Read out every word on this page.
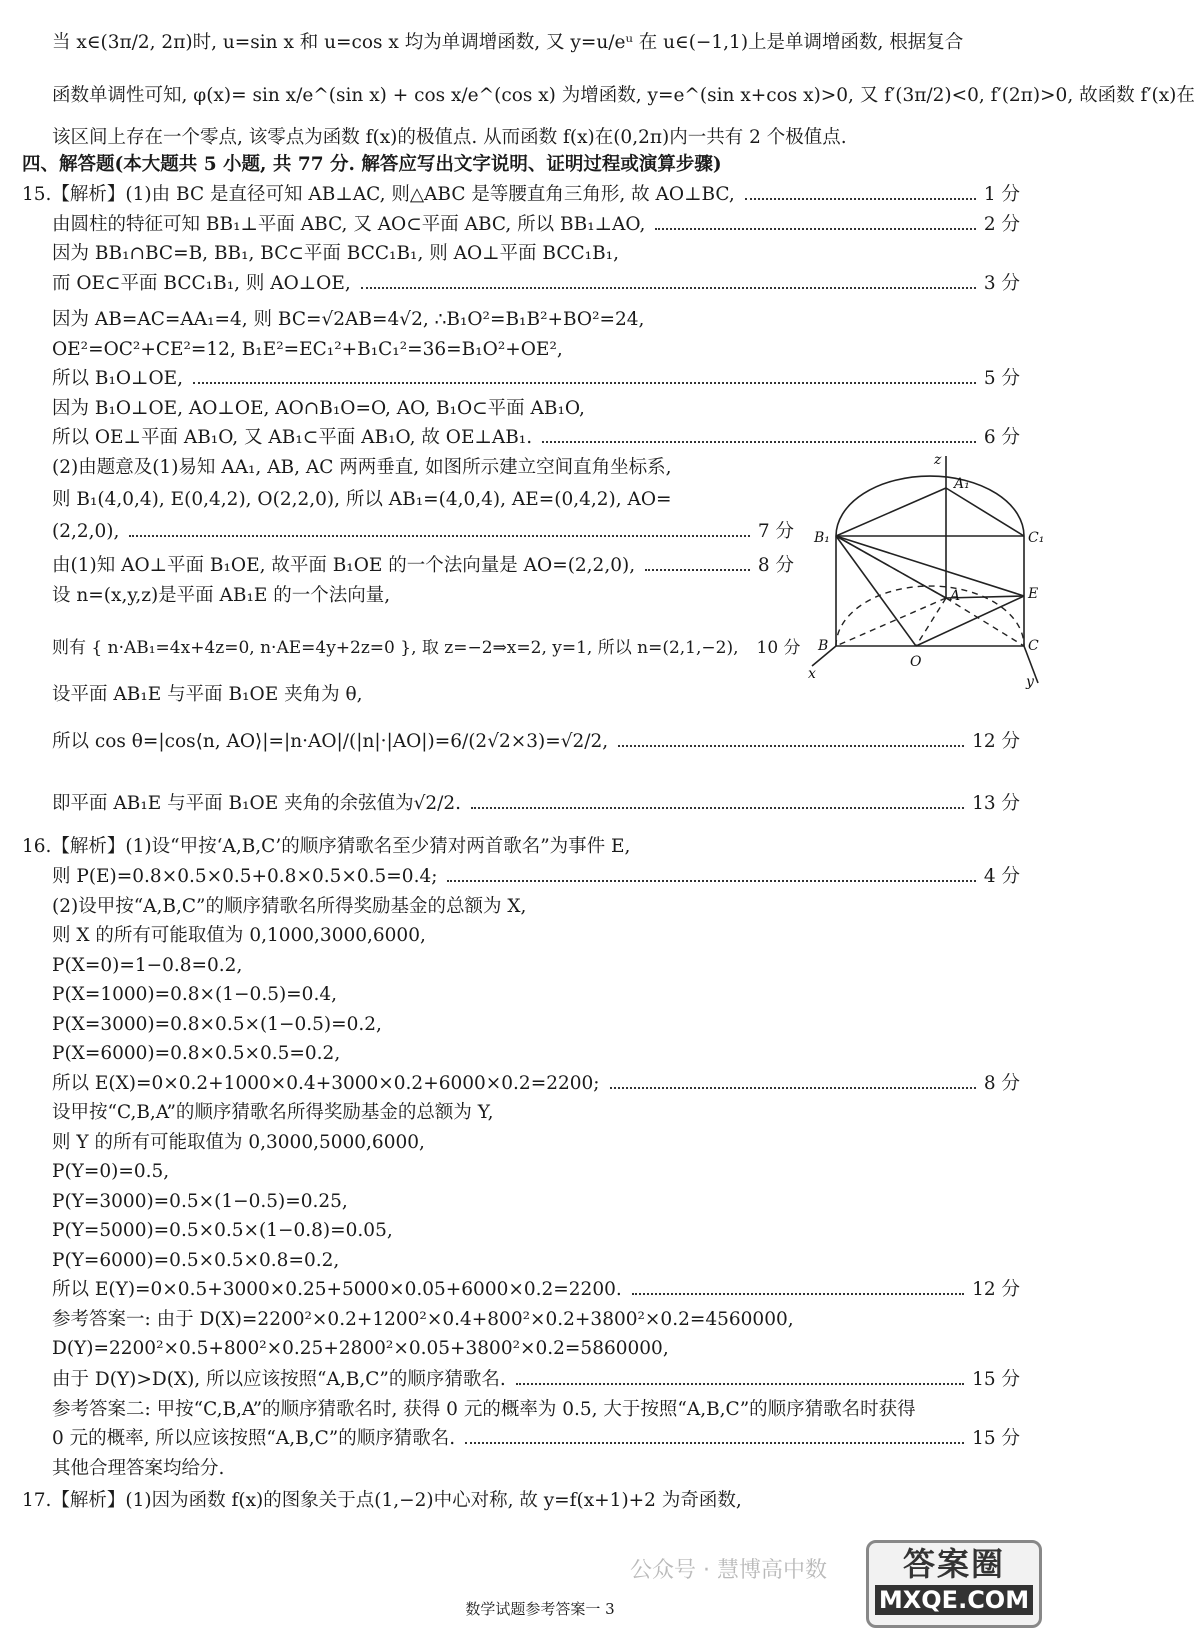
当 x∈(3π/2, 2π)时, u=sin x 和 u=cos x 均为单调增函数, 又 y=u/eᵘ 在 u∈(−1,1)上是单调增函数, 根据复合
函数单调性可知, φ(x)= sin x/e^(sin x) + cos x/e^(cos x) 为增函数, y=e^(sin x+cos x)>0, 又 f′(3π/2)<0, f′(2π)>0, 故函数 f′(x)在
该区间上存在一个零点, 该零点为函数 f(x)的极值点. 从而函数 f(x)在(0,2π)内一共有 2 个极值点.
四、解答题(本大题共 5 小题, 共 77 分. 解答应写出文字说明、证明过程或演算步骤)
15.【解析】(1)由 BC 是直径可知 AB⊥AC, 则△ABC 是等腰直角三角形, 故 AO⊥BC,	1 分
由圆柱的特征可知 BB₁⊥平面 ABC, 又 AO⊂平面 ABC, 所以 BB₁⊥AO,	2 分
因为 BB₁∩BC=B, BB₁, BC⊂平面 BCC₁B₁, 则 AO⊥平面 BCC₁B₁,
而 OE⊂平面 BCC₁B₁, 则 AO⊥OE,	3 分
因为 AB=AC=AA₁=4, 则 BC=√2AB=4√2, ∴B₁O²=B₁B²+BO²=24,
OE²=OC²+CE²=12, B₁E²=EC₁²+B₁C₁²=36=B₁O²+OE²,
所以 B₁O⊥OE,	5 分
因为 B₁O⊥OE, AO⊥OE, AO∩B₁O=O, AO, B₁O⊂平面 AB₁O,
所以 OE⊥平面 AB₁O, 又 AB₁⊂平面 AB₁O, 故 OE⊥AB₁.	6 分
(2)由题意及(1)易知 AA₁, AB, AC 两两垂直, 如图所示建立空间直角坐标系,
则 B₁(4,0,4), E(0,4,2), O(2,2,0), 所以 AB₁=(4,0,4), AE=(0,4,2), AO=
(2,2,0),	7 分
由(1)知 AO⊥平面 B₁OE, 故平面 B₁OE 的一个法向量是 AO=(2,2,0),	8 分
设 n=(x,y,z)是平面 AB₁E 的一个法向量,
则有 { n·AB₁=4x+4z=0, n·AE=4y+2z=0 }, 取 z=−2⇒x=2, y=1, 所以 n=(2,1,−2), 10 分
设平面 AB₁E 与平面 B₁OE 夹角为 θ,
所以 cos θ=|cos⟨n, AO⟩|=|n·AO|/(|n|·|AO|)=6/(2√2×3)=√2/2,	12 分
即平面 AB₁E 与平面 B₁OE 夹角的余弦值为√2/2.	13 分
z
A₁
B₁	C₁
A	E
B
O
C
x	y
16.【解析】(1)设“甲按‘A,B,C’的顺序猜歌名至少猜对两首歌名”为事件 E,
则 P(E)=0.8×0.5×0.5+0.8×0.5×0.5=0.4;	4 分
(2)设甲按“A,B,C”的顺序猜歌名所得奖励基金的总额为 X,
则 X 的所有可能取值为 0,1000,3000,6000,
P(X=0)=1−0.8=0.2,
P(X=1000)=0.8×(1−0.5)=0.4,
P(X=3000)=0.8×0.5×(1−0.5)=0.2,
P(X=6000)=0.8×0.5×0.5=0.2,
所以 E(X)=0×0.2+1000×0.4+3000×0.2+6000×0.2=2200;	8 分
设甲按“C,B,A”的顺序猜歌名所得奖励基金的总额为 Y,
则 Y 的所有可能取值为 0,3000,5000,6000,
P(Y=0)=0.5,
P(Y=3000)=0.5×(1−0.5)=0.25,
P(Y=5000)=0.5×0.5×(1−0.8)=0.05,
P(Y=6000)=0.5×0.5×0.8=0.2,
所以 E(Y)=0×0.5+3000×0.25+5000×0.05+6000×0.2=2200.	12 分
参考答案一: 由于 D(X)=2200²×0.2+1200²×0.4+800²×0.2+3800²×0.2=4560000,
D(Y)=2200²×0.5+800²×0.25+2800²×0.05+3800²×0.2=5860000,
由于 D(Y)>D(X), 所以应该按照“A,B,C”的顺序猜歌名.	15 分
参考答案二: 甲按“C,B,A”的顺序猜歌名时, 获得 0 元的概率为 0.5, 大于按照“A,B,C”的顺序猜歌名时获得
0 元的概率, 所以应该按照“A,B,C”的顺序猜歌名.	15 分
其他合理答案均给分.
17.【解析】(1)因为函数 f(x)的图象关于点(1,−2)中心对称, 故 y=f(x+1)+2 为奇函数,
公众号 · 慧博高中数	答案圈
MXQE.COM
数学试题参考答案一 3
